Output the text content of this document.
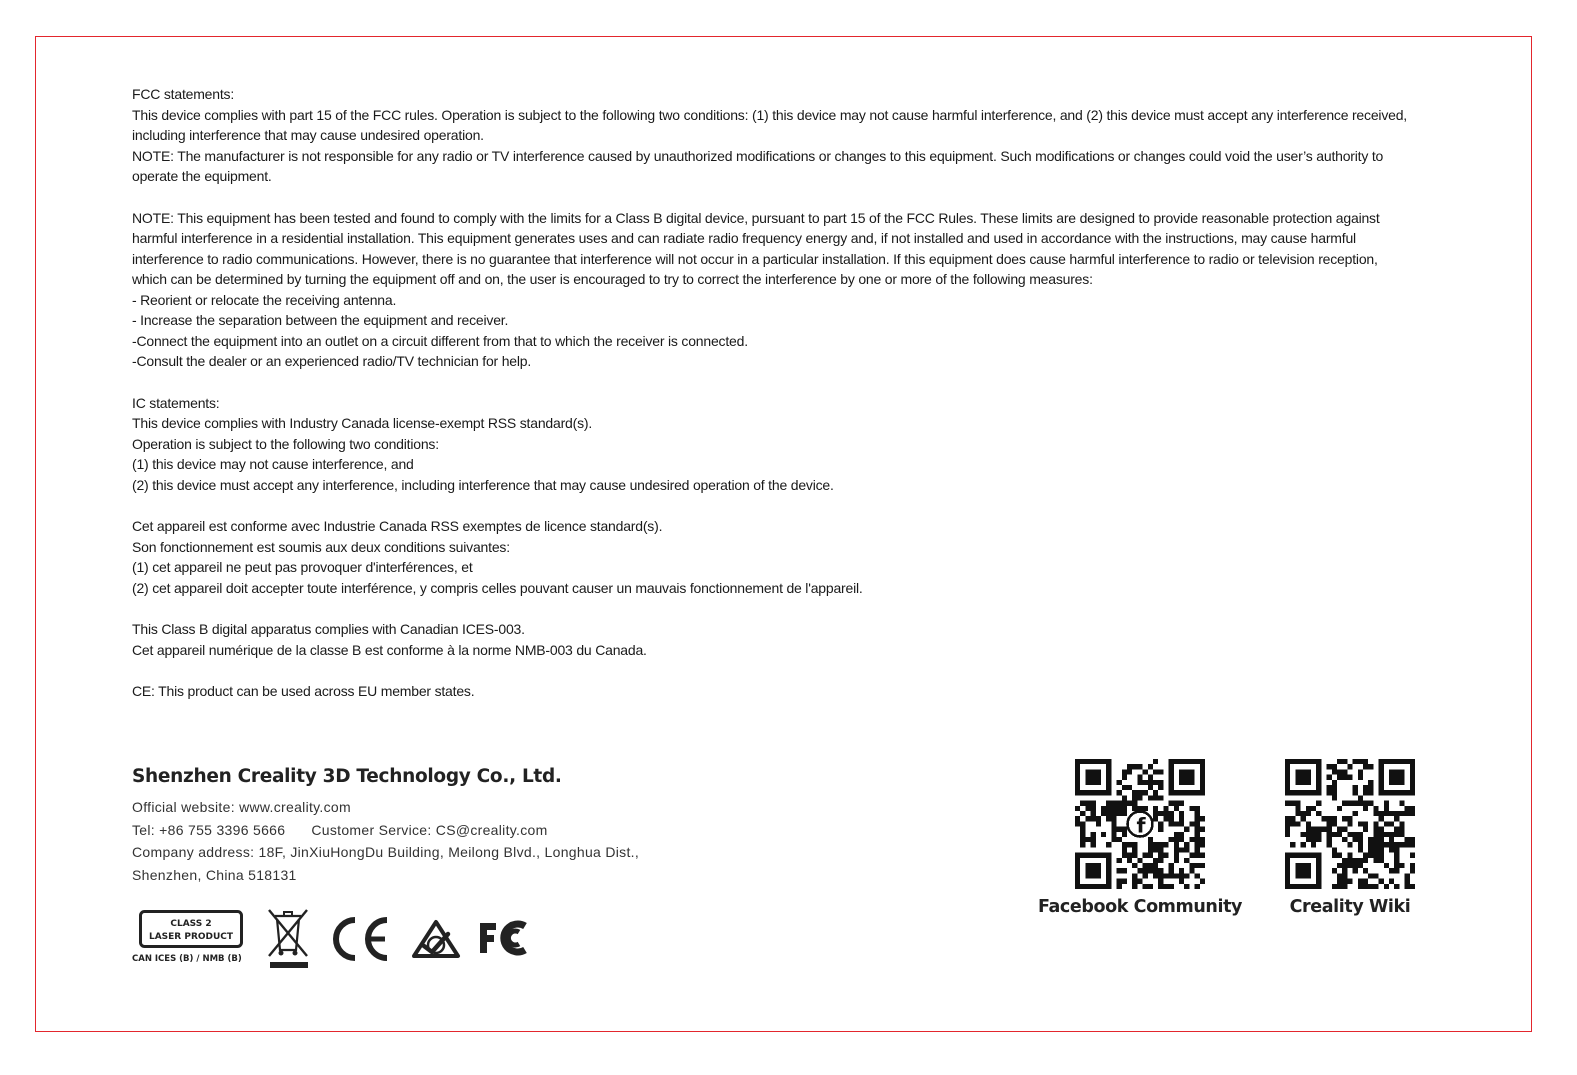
FCC statements:

This device complies with part 15 of the FCC rules. Operation is subject to the following two conditions: (1) this device may not cause harmful interference, and (2) this device must accept any interference received, including interference that may cause undesired operation.

NOTE: The manufacturer is not responsible for any radio or TV interference caused by unauthorized modifications or changes to this equipment. Such modifications or changes could void the user’s authority to operate the equipment.

NOTE: This equipment has been tested and found to comply with the limits for a Class B digital device, pursuant to part 15 of the FCC Rules. These limits are designed to provide reasonable protection against harmful interference in a residential installation. This equipment generates uses and can radiate radio frequency energy and, if not installed and used in accordance with the instructions, may cause harmful interference to radio communications. However, there is no guarantee that interference will not occur in a particular installation. If this equipment does cause harmful interference to radio or television reception, which can be determined by turning the equipment off and on, the user is encouraged to try to correct the interference by one or more of the following measures:

- Reorient or relocate the receiving antenna.

- Increase the separation between the equipment and receiver.

-Connect the equipment into an outlet on a circuit different from that to which the receiver is connected.

-Consult the dealer or an experienced radio/TV technician for help.

IC statements:

This device complies with Industry Canada license-exempt RSS standard(s).

Operation is subject to the following two conditions:

(1) this device may not cause interference, and

(2) this device must accept any interference, including interference that may cause undesired operation of the device.

Cet appareil est conforme avec Industrie Canada RSS exemptes de licence standard(s).

Son fonctionnement est soumis aux deux conditions suivantes:

(1) cet appareil ne peut pas provoquer d'interférences, et

(2) cet appareil doit accepter toute interférence, y compris celles pouvant causer un mauvais fonctionnement de l'appareil.

This Class B digital apparatus complies with Canadian ICES-003.

Cet appareil numérique de la classe B est conforme à la norme NMB-003 du Canada.

CE: This product can be used across EU member states.

Shenzhen Creality 3D Technology Co., Ltd.

Official website: www.creality.com

Tel: +86 755 3396 5666 Customer Service: CS@creality.com

Company address: 18F, JinXiuHongDu Building, Meilong Blvd., Longhua Dist.,

Shenzhen, China 518131

CLASS 2
LASER PRODUCT
CAN ICES (B) / NMB (B)
f
Facebook Community	Creality Wiki
